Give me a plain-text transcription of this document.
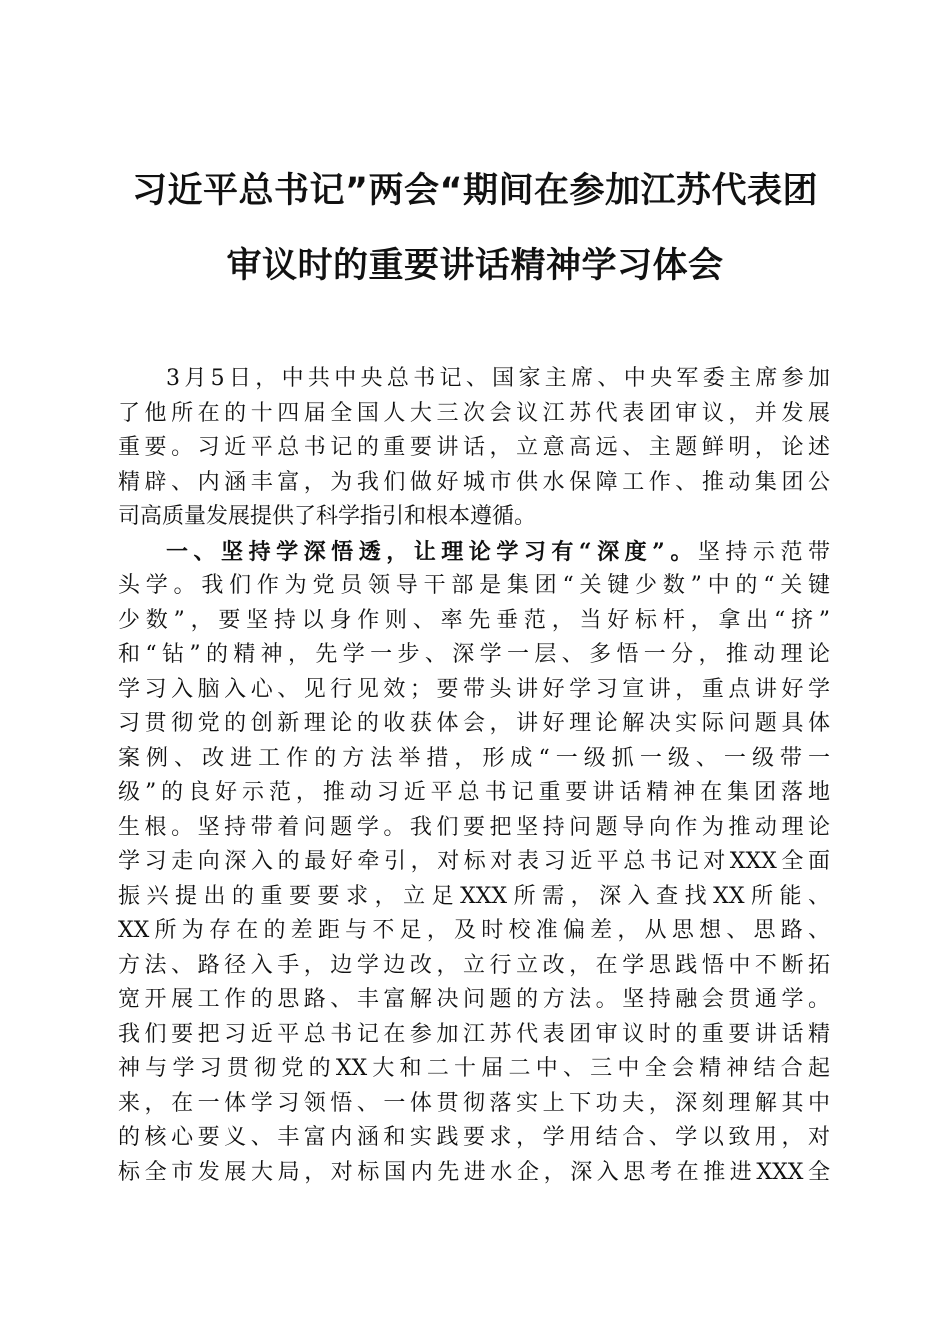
习近平总书记”两会“期间在参加江苏代表团
审议时的重要讲话精神学习体会
3月5日，中共中央总书记、国家主席、中央军委主席参加
了他所在的十四届全国人大三次会议江苏代表团审议，并发展
重要。习近平总书记的重要讲话，立意高远、主题鲜明，论述
精辟、内涵丰富，为我们做好城市供水保障工作、推动集团公
司高质量发展提供了科学指引和根本遵循。
一、坚持学深悟透，让理论学习有“深度”。坚持示范带
头学。我们作为党员领导干部是集团“关键少数”中的“关键
少数”，要坚持以身作则、率先垂范，当好标杆，拿出“挤”
和“钻”的精神，先学一步、深学一层、多悟一分，推动理论
学习入脑入心、见行见效；要带头讲好学习宣讲，重点讲好学
习贯彻党的创新理论的收获体会，讲好理论解决实际问题具体
案例、改进工作的方法举措，形成“一级抓一级、一级带一
级”的良好示范，推动习近平总书记重要讲话精神在集团落地
生根。坚持带着问题学。我们要把坚持问题导向作为推动理论
学习走向深入的最好牵引，对标对表习近平总书记对XXX全面
振兴提出的重要要求，立足XXX所需，深入查找XX所能、
XX所为存在的差距与不足，及时校准偏差，从思想、思路、
方法、路径入手，边学边改，立行立改，在学思践悟中不断拓
宽开展工作的思路、丰富解决问题的方法。坚持融会贯通学。
我们要把习近平总书记在参加江苏代表团审议时的重要讲话精
神与学习贯彻党的XX大和二十届二中、三中全会精神结合起
来，在一体学习领悟、一体贯彻落实上下功夫，深刻理解其中
的核心要义、丰富内涵和实践要求，学用结合、学以致用，对
标全市发展大局，对标国内先进水企，深入思考在推进XXX全
